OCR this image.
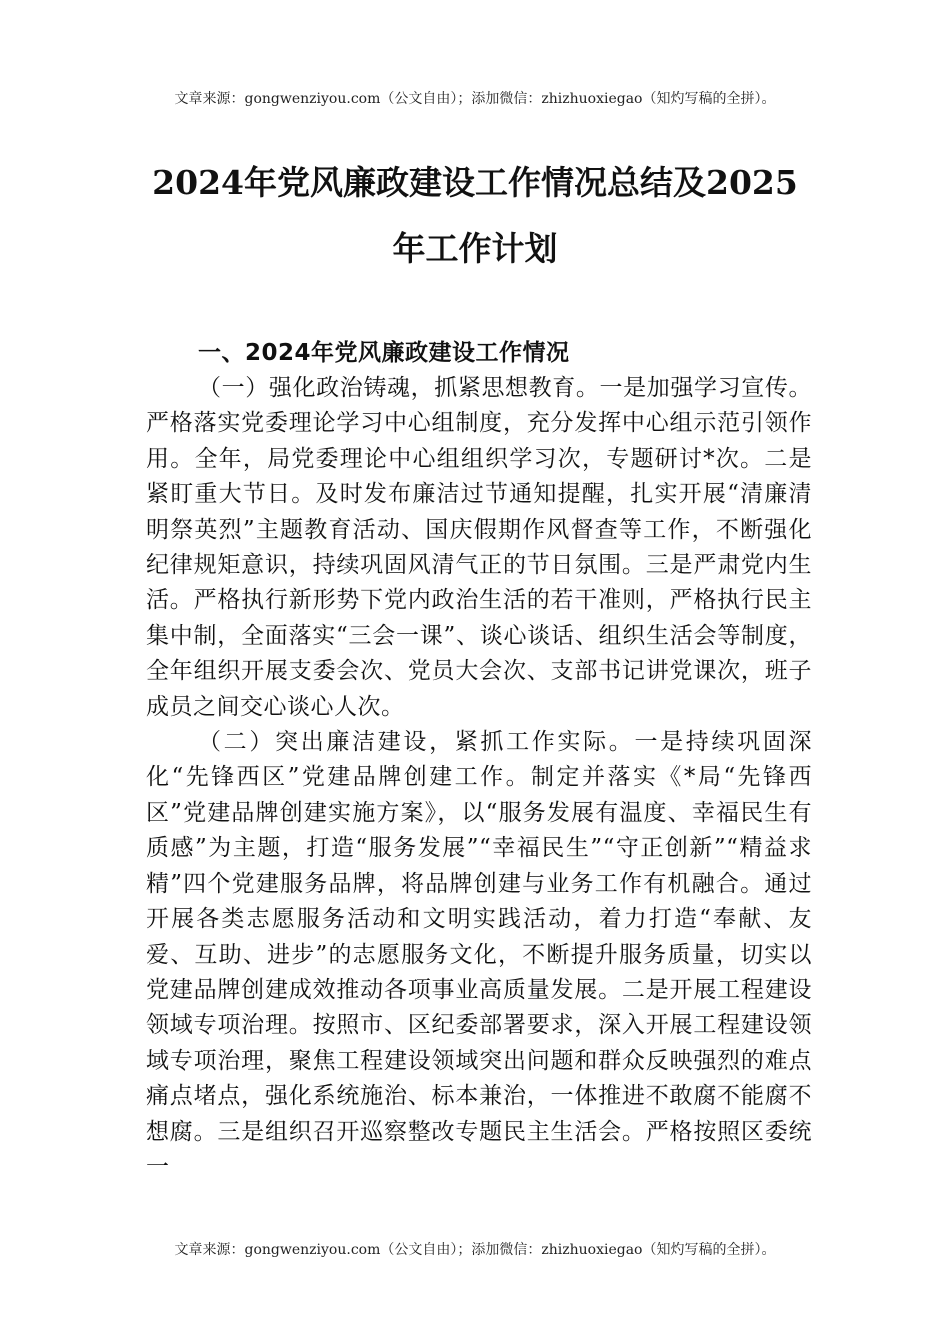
文章来源：gongwenziyou.com（公文自由）；添加微信：zhizhuoxiegao（知灼写稿的全拼）。
2024年党风廉政建设工作情况总结及2025年工作计划
一、2024年党风廉政建设工作情况

（一）强化政治铸魂，抓紧思想教育。一是加强学习宣传。严格落实党委理论学习中心组制度，充分发挥中心组示范引领作用。全年，局党委理论中心组组织学习次，专题研讨*次。二是紧盯重大节日。及时发布廉洁过节通知提醒，扎实开展“清廉清明祭英烈”主题教育活动、国庆假期作风督查等工作，不断强化纪律规矩意识，持续巩固风清气正的节日氛围。三是严肃党内生活。严格执行新形势下党内政治生活的若干准则，严格执行民主集中制，全面落实“三会一课”、谈心谈话、组织生活会等制度，全年组织开展支委会次、党员大会次、支部书记讲党课次，班子成员之间交心谈心人次。

（二）突出廉洁建设，紧抓工作实际。一是持续巩固深化“先锋西区”党建品牌创建工作。制定并落实《*局“先锋西区”党建品牌创建实施方案》，以“服务发展有温度、幸福民生有质感”为主题，打造“服务发展”“幸福民生”“守正创新”“精益求精”四个党建服务品牌，将品牌创建与业务工作有机融合。通过开展各类志愿服务活动和文明实践活动，着力打造“奉献、友爱、互助、进步”的志愿服务文化，不断提升服务质量，切实以党建品牌创建成效推动各项事业高质量发展。二是开展工程建设领域专项治理。按照市、区纪委部署要求，深入开展工程建设领域专项治理，聚焦工程建设领域突出问题和群众反映强烈的难点痛点堵点，强化系统施治、标本兼治，一体推进不敢腐不能腐不想腐。三是组织召开巡察整改专题民主生活会。严格按照区委统一

文章来源：gongwenziyou.com（公文自由）；添加微信：zhizhuoxiegao（知灼写稿的全拼）。
